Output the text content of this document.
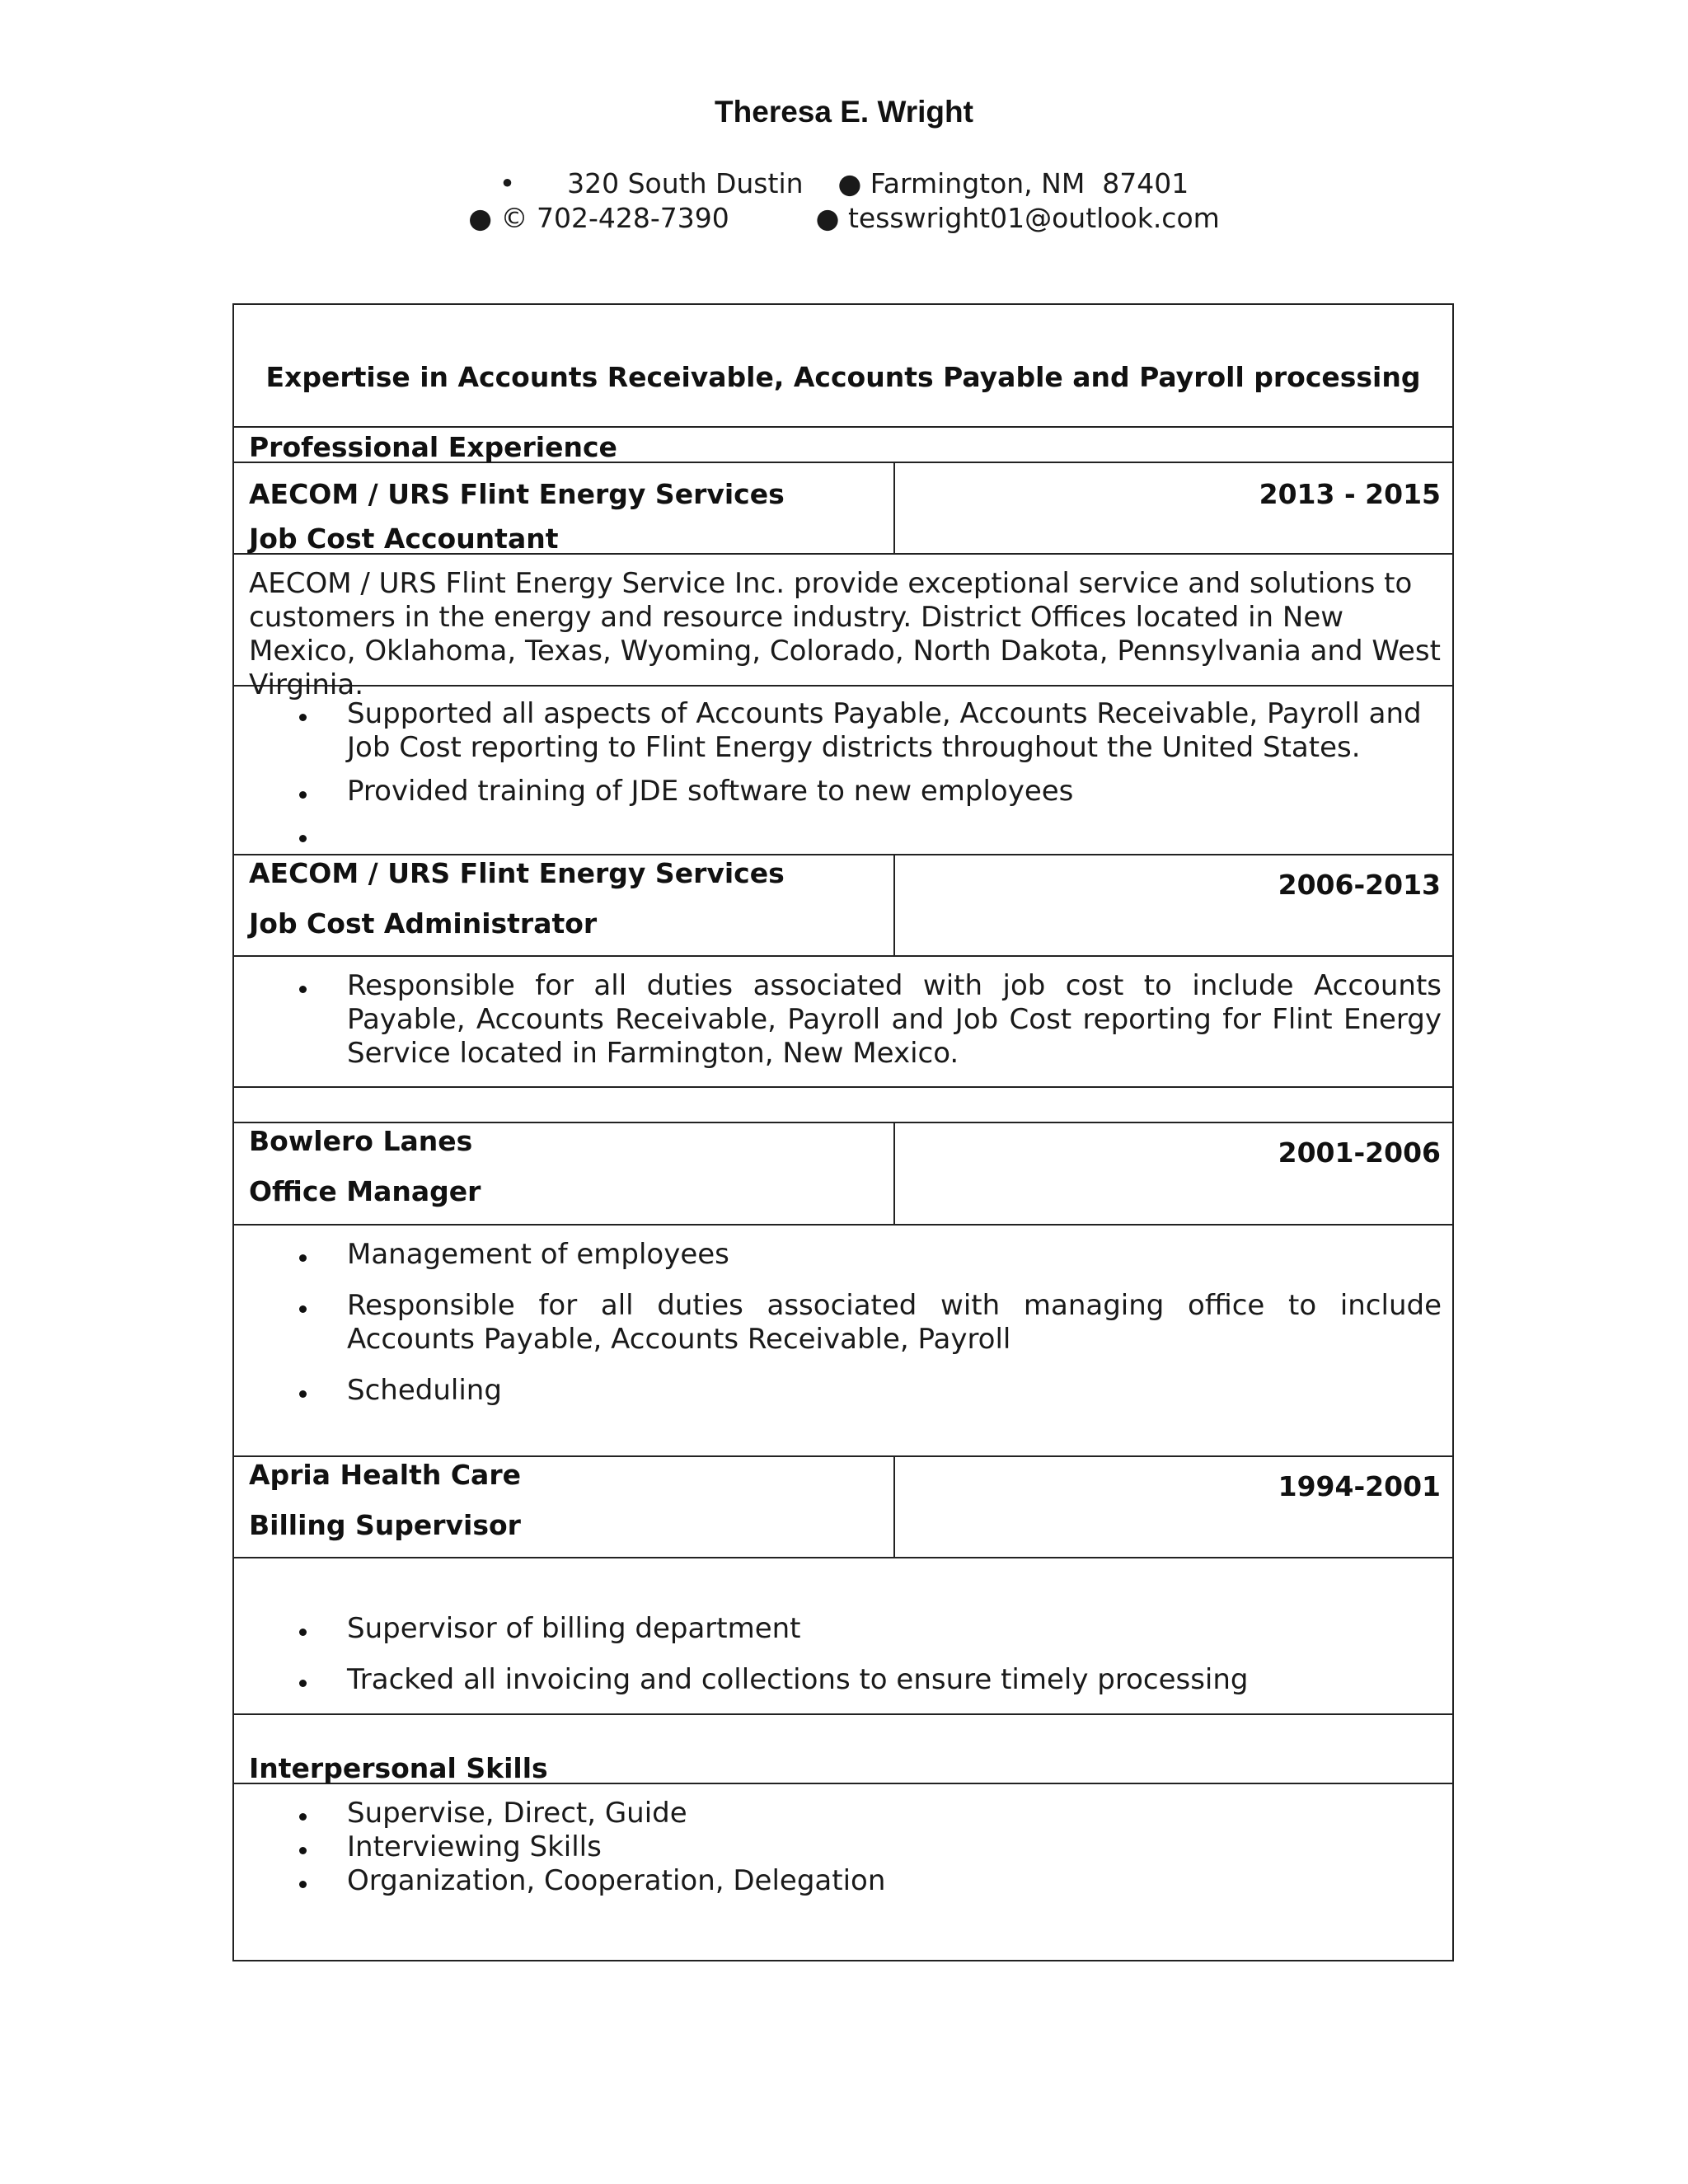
Theresa E. Wright
•      320 South Dustin ● Farmington, NM  87401
● © 702-428-7390	● tesswright01@outlook.com
Expertise in Accounts Receivable, Accounts Payable and Payroll processing
Professional Experience
AECOM / URS Flint Energy Services
Job Cost Accountant
2013 - 2015
AECOM / URS Flint Energy Service Inc. provide exceptional service and solutions to customers in the energy and resource industry. District Offices located in New Mexico, Oklahoma, Texas, Wyoming, Colorado, North Dakota, Pennsylvania and West Virginia.
Supported all aspects of Accounts Payable, Accounts Receivable, Payroll and Job Cost reporting to Flint Energy districts throughout the United States.
Provided training of JDE software to new employees
AECOM / URS Flint Energy Services
Job Cost Administrator
2006-2013
Responsible for all duties associated with job cost to include Accounts Payable, Accounts Receivable, Payroll and Job Cost reporting for Flint Energy Service located in Farmington, New Mexico.
Bowlero Lanes
Office Manager
2001-2006
Management of employees
Responsible for all duties associated with managing office to include Accounts Payable, Accounts Receivable, Payroll
Scheduling
Apria Health Care
Billing Supervisor
1994-2001
Supervisor of billing department
Tracked all invoicing and collections to ensure timely processing
Interpersonal Skills
Supervise, Direct, Guide
Interviewing Skills
Organization, Cooperation, Delegation
